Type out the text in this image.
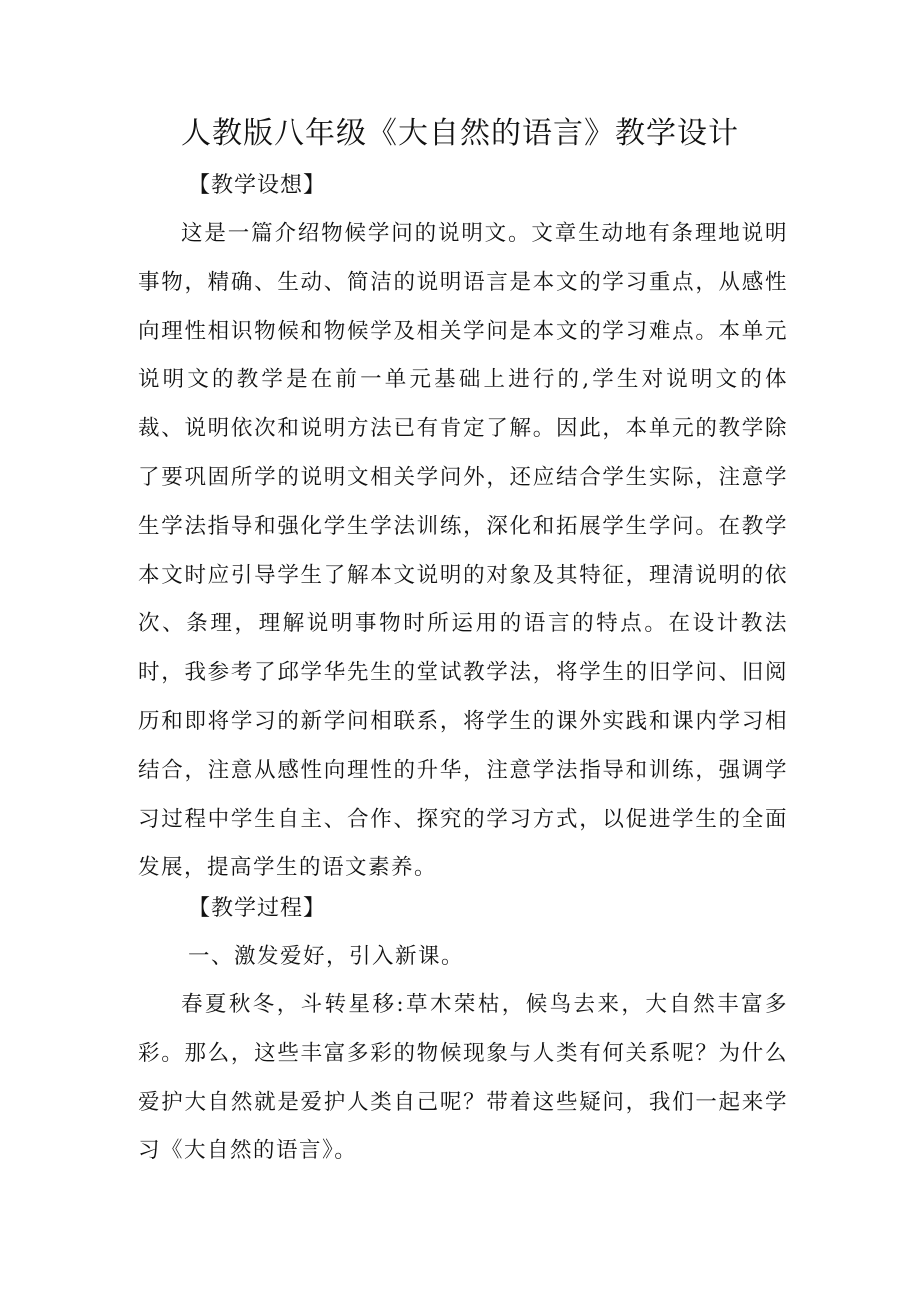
人教版八年级《大自然的语言》教学设计

【教学设想】

这是一篇介绍物候学问的说明文。文章生动地有条理地说明事物，精确、生动、简洁的说明语言是本文的学习重点，从感性向理性相识物候和物候学及相关学问是本文的学习难点。本单元说明文的教学是在前一单元基础上进行的,学生对说明文的体裁、说明依次和说明方法已有肯定了解。因此，本单元的教学除了要巩固所学的说明文相关学问外，还应结合学生实际，注意学生学法指导和强化学生学法训练，深化和拓展学生学问。在教学本文时应引导学生了解本文说明的对象及其特征，理清说明的依次、条理，理解说明事物时所运用的语言的特点。在设计教法时，我参考了邱学华先生的堂试教学法，将学生的旧学问、旧阅历和即将学习的新学问相联系，将学生的课外实践和课内学习相结合，注意从感性向理性的升华，注意学法指导和训练，强调学习过程中学生自主、合作、探究的学习方式，以促进学生的全面发展，提高学生的语文素养。

【教学过程】

一、激发爱好，引入新课。

春夏秋冬，斗转星移:草木荣枯，候鸟去来，大自然丰富多彩。那么，这些丰富多彩的物候现象与人类有何关系呢？为什么爱护大自然就是爱护人类自己呢？带着这些疑问，我们一起来学习《大自然的语言》。
